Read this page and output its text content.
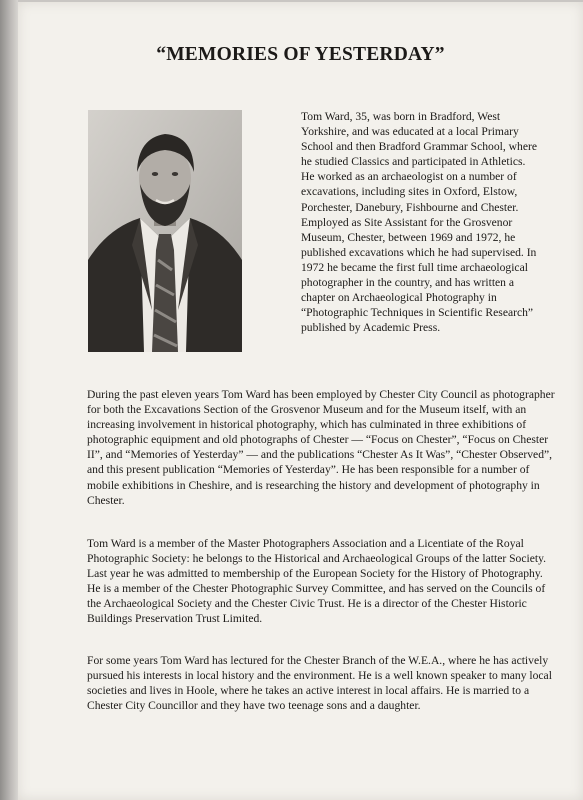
“MEMORIES OF YESTERDAY”

Tom Ward, 35, was born in Bradford, West Yorkshire, and was educated at a local Primary School and then Bradford Grammar School, where he studied Classics and participated in Athletics. He worked as an archaeologist on a number of excavations, including sites in Oxford, Elstow, Porchester, Danebury, Fishbourne and Chester. Employed as Site Assistant for the Grosvenor Museum, Chester, between 1969 and 1972, he published excavations which he had supervised. In 1972 he became the first full time archaeological photographer in the country, and has written a chapter on Archaeological Photography in “Photographic Techniques in Scientific Research” published by Academic Press.

During the past eleven years Tom Ward has been employed by Chester City Council as photographer for both the Excavations Section of the Grosvenor Museum and for the Museum itself, with an increasing involvement in historical photography, which has culminated in three exhibitions of photographic equipment and old photographs of Chester — “Focus on Chester”, “Focus on Chester II”, and “Memories of Yesterday” — and the publications “Chester As It Was”, “Chester Observed”, and this present publication “Memories of Yesterday”. He has been responsible for a number of mobile exhibitions in Cheshire, and is researching the history and development of photography in Chester.

Tom Ward is a member of the Master Photographers Association and a Licentiate of the Royal Photographic Society: he belongs to the Historical and Archaeological Groups of the latter Society. Last year he was admitted to membership of the European Society for the History of Photography. He is a member of the Chester Photographic Survey Committee, and has served on the Councils of the Archaeological Society and the Chester Civic Trust. He is a director of the Chester Historic Buildings Preservation Trust Limited.

For some years Tom Ward has lectured for the Chester Branch of the W.E.A., where he has actively pursued his interests in local history and the environment. He is a well known speaker to many local societies and lives in Hoole, where he takes an active interest in local affairs. He is married to a Chester City Councillor and they have two teenage sons and a daughter.
